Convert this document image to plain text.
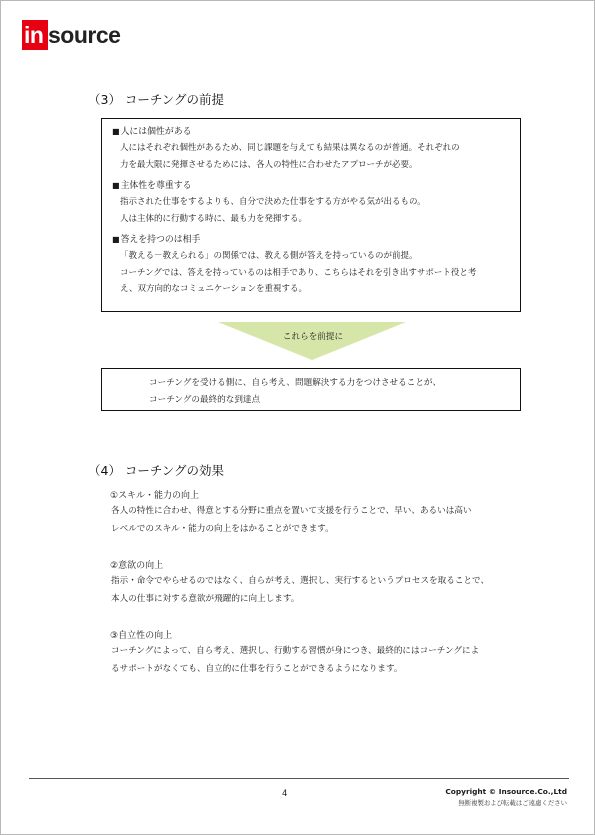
in source
（3） コーチングの前提
■人には個性がある
人にはそれぞれ個性があるため、同じ課題を与えても結果は異なるのが普通。それぞれの
力を最大限に発揮させるためには、各人の特性に合わせたアプローチが必要。
■主体性を尊重する
指示された仕事をするよりも、自分で決めた仕事をする方がやる気が出るもの。
人は主体的に行動する時に、最も力を発揮する。
■答えを持つのは相手
「教える－教えられる」の関係では、教える側が答えを持っているのが前提。
コーチングでは、答えを持っているのは相手であり、こちらはそれを引き出すサポート役と考
え、双方向的なコミュニケーションを重視する。
これらを前提に
コーチングを受ける側に、自ら考え、問題解決する力をつけさせることが、
コーチングの最終的な到達点
（4） コーチングの効果
①スキル・能力の向上
各人の特性に合わせ、得意とする分野に重点を置いて支援を行うことで、早い、あるいは高い
レベルでのスキル・能力の向上をはかることができます。
②意欲の向上
指示・命令でやらせるのではなく、自らが考え、選択し、実行するというプロセスを取ることで、
本人の仕事に対する意欲が飛躍的に向上します。
③自立性の向上
コーチングによって、自ら考え、選択し、行動する習慣が身につき、最終的にはコーチングによ
るサポートがなくても、自立的に仕事を行うことができるようになります。
4	Copyright © Insource.Co.,Ltd
無断複製および転載はご遠慮ください
